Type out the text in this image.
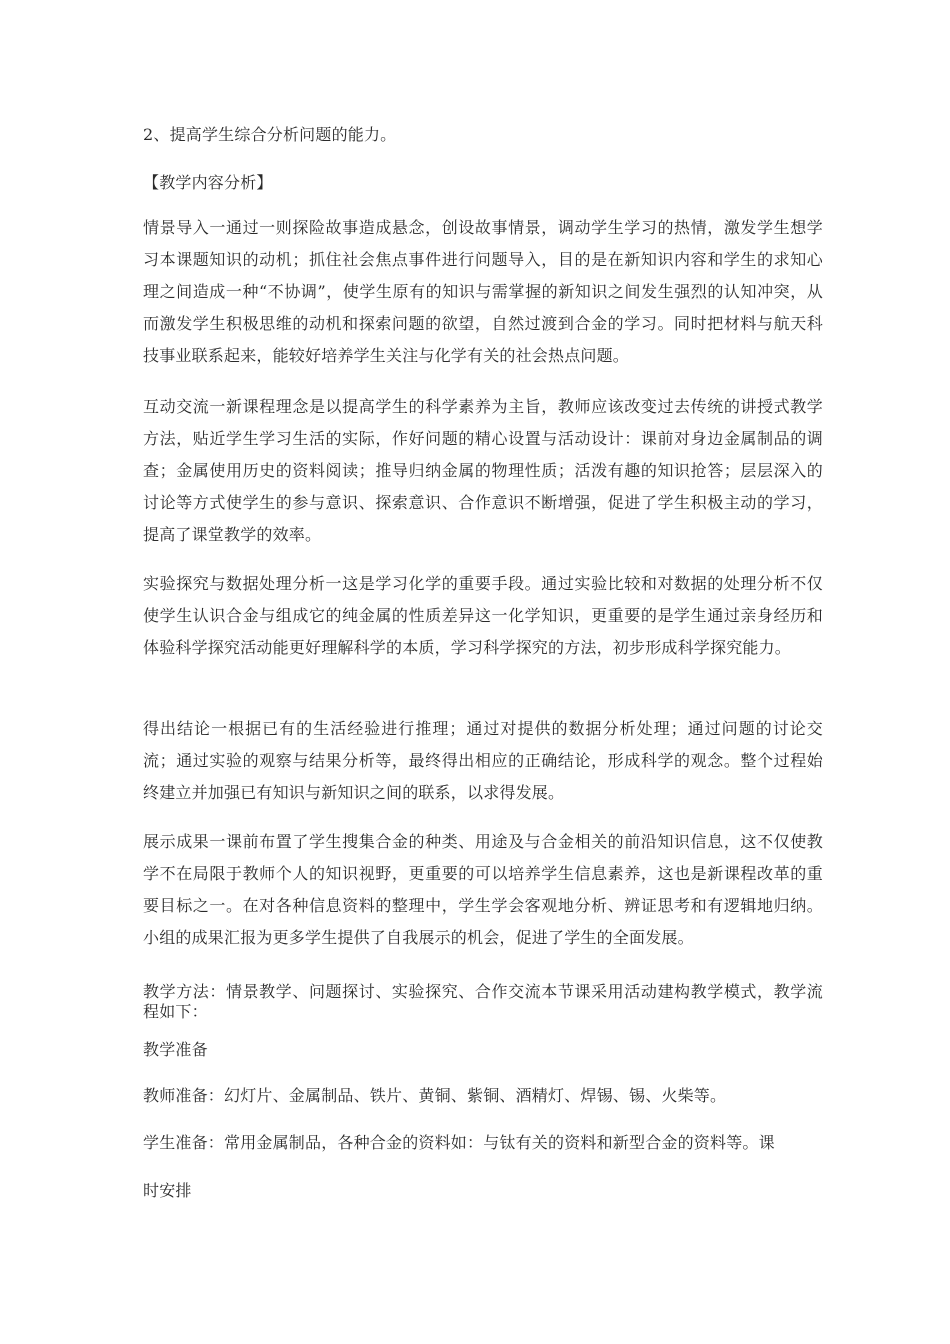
2、提高学生综合分析问题的能力。
【教学内容分析】
情景导入一通过一则探险故事造成悬念，创设故事情景，调动学生学习的热情，激发学生想学习本课题知识的动机；抓住社会焦点事件进行问题导入，目的是在新知识内容和学生的求知心理之间造成一种“不协调”，使学生原有的知识与需掌握的新知识之间发生强烈的认知冲突，从而激发学生积极思维的动机和探索问题的欲望，自然过渡到合金的学习。同时把材料与航天科技事业联系起来，能较好培养学生关注与化学有关的社会热点问题。
互动交流一新课程理念是以提高学生的科学素养为主旨，教师应该改变过去传统的讲授式教学方法，贴近学生学习生活的实际，作好问题的精心设置与活动设计：课前对身边金属制品的调查；金属使用历史的资料阅读；推导归纳金属的物理性质；活泼有趣的知识抢答；层层深入的讨论等方式使学生的参与意识、探索意识、合作意识不断增强，促进了学生积极主动的学习，提高了课堂教学的效率。
实验探究与数据处理分析一这是学习化学的重要手段。通过实验比较和对数据的处理分析不仅使学生认识合金与组成它的纯金属的性质差异这一化学知识，更重要的是学生通过亲身经历和体验科学探究活动能更好理解科学的本质，学习科学探究的方法，初步形成科学探究能力。
得出结论一根据已有的生活经验进行推理；通过对提供的数据分析处理；通过问题的讨论交流；通过实验的观察与结果分析等，最终得出相应的正确结论，形成科学的观念。整个过程始终建立并加强已有知识与新知识之间的联系，以求得发展。
展示成果一课前布置了学生搜集合金的种类、用途及与合金相关的前沿知识信息，这不仅使教学不在局限于教师个人的知识视野，更重要的可以培养学生信息素养，这也是新课程改革的重要目标之一。在对各种信息资料的整理中，学生学会客观地分析、辨证思考和有逻辑地归纳。小组的成果汇报为更多学生提供了自我展示的机会，促进了学生的全面发展。
教学方法：情景教学、问题探讨、实验探究、合作交流本节课采用活动建构教学模式，教学流程如下：
教学准备
教师准备：幻灯片、金属制品、铁片、黄铜、紫铜、酒精灯、焊锡、锡、火柴等。
学生准备：常用金属制品，各种合金的资料如：与钛有关的资料和新型合金的资料等。课
时安排
